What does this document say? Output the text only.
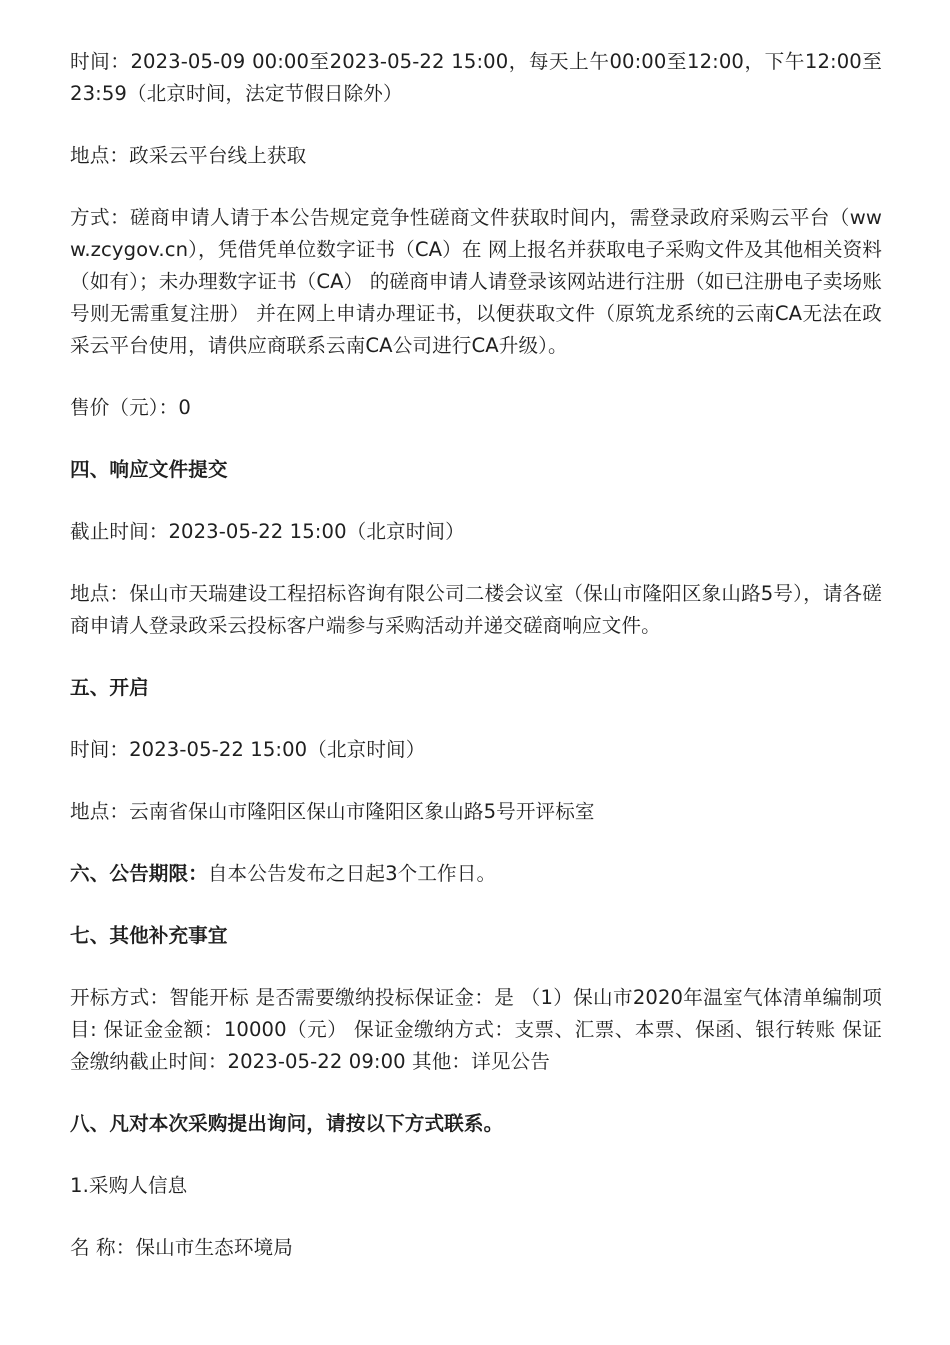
时间：2023-05-09 00:00至2023-05-22 15:00，每天上午00:00至12:00，下午12:00至23:59（北京时间，法定节假日除外）

地点：政采云平台线上获取

方式：磋商申请人请于本公告规定竞争性磋商文件获取时间内，需登录政府采购云平台（www.zcygov.cn），凭借凭单位数字证书（CA）在 网上报名并获取电子采购文件及其他相关资料（如有）；未办理数字证书（CA） 的磋商申请人请登录该网站进行注册（如已注册电子卖场账号则无需重复注册） 并在网上申请办理证书，以便获取文件（原筑龙系统的云南CA无法在政采云平台使用，请供应商联系云南CA公司进行CA升级）。

售价（元）：0

四、响应文件提交

截止时间：2023-05-22 15:00（北京时间）

地点：保山市天瑞建设工程招标咨询有限公司二楼会议室（保山市隆阳区象山路5号），请各磋商申请人登录政采云投标客户端参与采购活动并递交磋商响应文件。

五、开启

时间：2023-05-22 15:00（北京时间）

地点：云南省保山市隆阳区保山市隆阳区象山路5号开评标室

六、公告期限：自本公告发布之日起3个工作日。

七、其他补充事宜

开标方式：智能开标 是否需要缴纳投标保证金：是 （1）保山市2020年温室气体清单编制项目: 保证金金额：10000（元） 保证金缴纳方式：支票、汇票、本票、保函、银行转账 保证金缴纳截止时间：2023-05-22 09:00 其他：详见公告

八、凡对本次采购提出询问，请按以下方式联系。

1.采购人信息

名 称：保山市生态环境局
